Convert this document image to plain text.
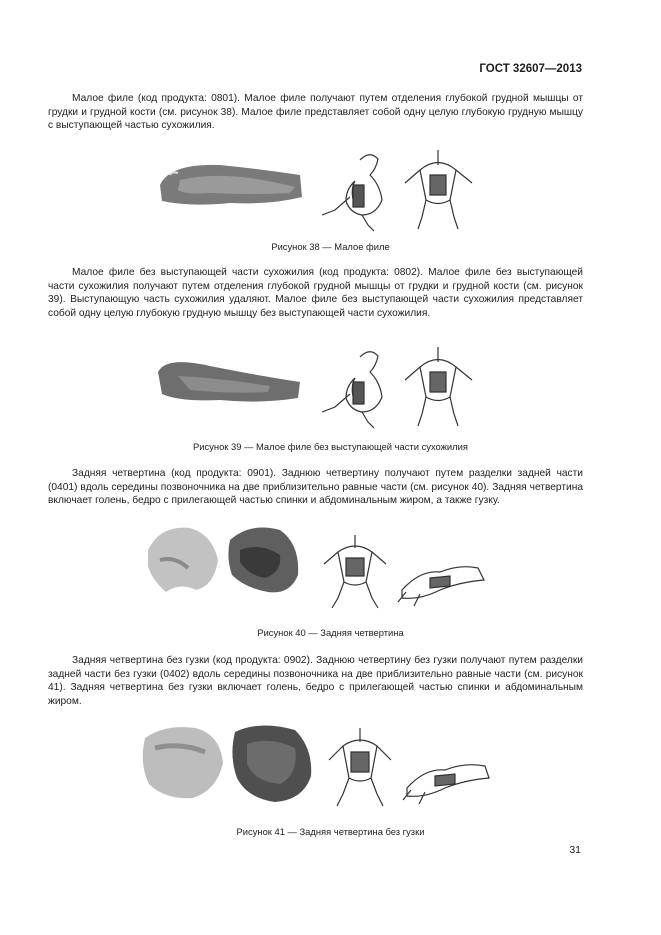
ГОСТ 32607—2013

Малое филе (код продукта: 0801). Малое филе получают путем отделения глубокой грудной мышцы от грудки и грудной кости (см. рисунок 38). Малое филе представляет собой одну целую глубокую грудную мышцу с выступающей частью сухожилия.

Рисунок 38 — Малое филе

Малое филе без выступающей части сухожилия (код продукта: 0802). Малое филе без выступающей части сухожилия получают путем отделения глубокой грудной мышцы от грудки и грудной кости (см. рисунок 39). Выступающую часть сухожилия удаляют. Малое филе без выступающей части сухожилия представляет собой одну целую глубокую грудную мышцу без выступающей части сухожилия.

Рисунок 39 — Малое филе без выступающей части сухожилия

Задняя четвертина (код продукта: 0901). Заднюю четвертину получают путем разделки задней части (0401) вдоль середины позвоночника на две приблизительно равные части (см. рисунок 40). Задняя четвертина включает голень, бедро с прилегающей частью спинки и абдоминальным жиром, а также гузку.

Рисунок 40 — Задняя четвертина

Задняя четвертина без гузки (код продукта: 0902). Заднюю четвертину без гузки получают путем разделки задней части без гузки (0402) вдоль середины позвоночника на две приблизительно равные части (см. рисунок 41). Задняя четвертина без гузки включает голень, бедро с прилегающей частью спинки и абдоминальным жиром.

Рисунок 41 — Задняя четвертина без гузки
31
